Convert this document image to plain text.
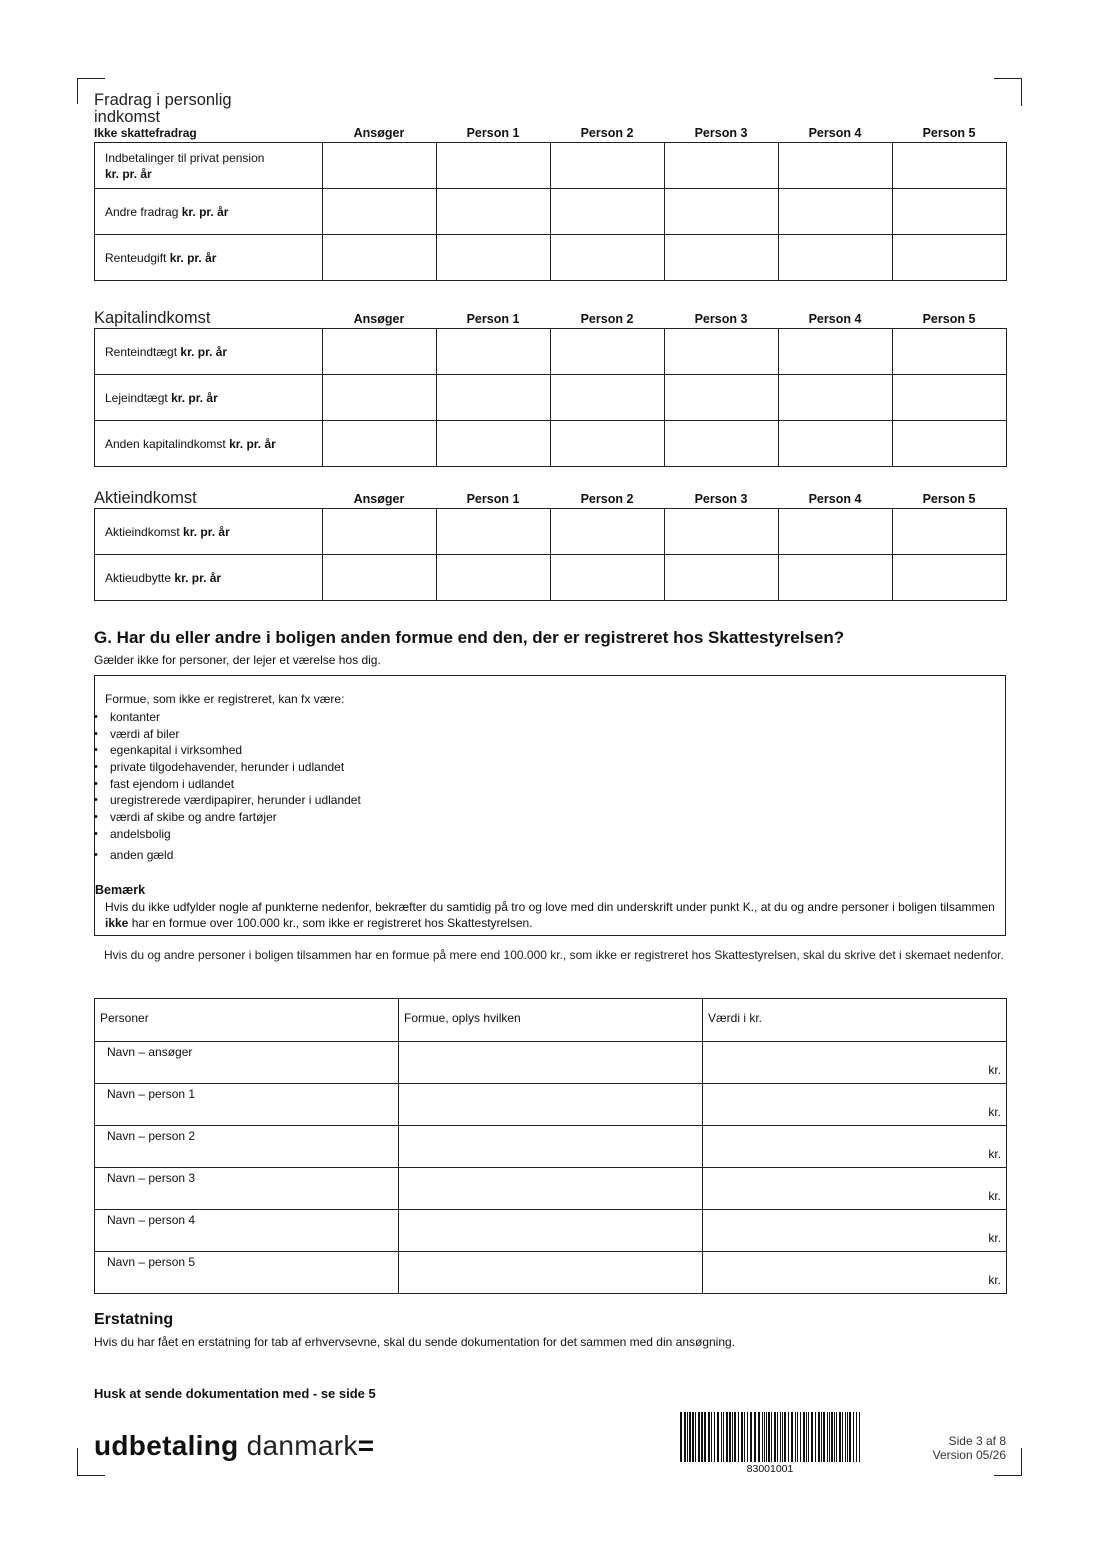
Fradrag i personlig
indkomst
Ikke skattefradrag	Ansøger	Person 1	Person 2	Person 3	Person 4	Person 5
Indbetalinger til privat pension
kr. pr. år						
Andre fradrag kr. pr. år						
Renteudgift kr. pr. år						
Kapitalindkomst	Ansøger	Person 1	Person 2	Person 3	Person 4	Person 5
Renteindtægt kr. pr. år						
Lejeindtægt kr. pr. år						
Anden kapitalindkomst kr. pr. år						
Aktieindkomst	Ansøger	Person 1	Person 2	Person 3	Person 4	Person 5
Aktieindkomst kr. pr. år						
Aktieudbytte kr. pr. år						
G. Har du eller andre i boligen anden formue end den, der er registreret hos Skattestyrelsen?
Gælder ikke for personer, der lejer et værelse hos dig.
Formue, som ikke er registreret, kan fx være:
• kontanter
• værdi af biler
• egenkapital i virksomhed
• private tilgodehavender, herunder i udlandet
• fast ejendom i udlandet
• uregistrerede værdipapirer, herunder i udlandet
• værdi af skibe og andre fartøjer
• andelsbolig
• anden gæld
Bemærk
Hvis du ikke udfylder nogle af punkterne nedenfor, bekræfter du samtidig på tro og love med din underskrift under punkt K., at du og andre personer i boligen tilsammen ikke har en formue over 100.000 kr., som ikke er registreret hos Skattestyrelsen.
Hvis du og andre personer i boligen tilsammen har en formue på mere end 100.000 kr., som ikke er registreret hos Skattestyrelsen, skal du skrive det i skemaet nedenfor.
Personer	Formue, oplys hvilken	Værdi i kr.
Navn – ansøger		kr.

Navn – person 1		kr.

Navn – person 2		kr.

Navn – person 3		kr.

Navn – person 4		kr.

Navn – person 5		kr.
Erstatning
Hvis du har fået en erstatning for tab af erhvervsevne, skal du sende dokumentation for det sammen med din ansøgning.
Husk at sende dokumentation med - se side 5
udbetaling danmark=
83001001
Side 3 af 8
Version 05/26
